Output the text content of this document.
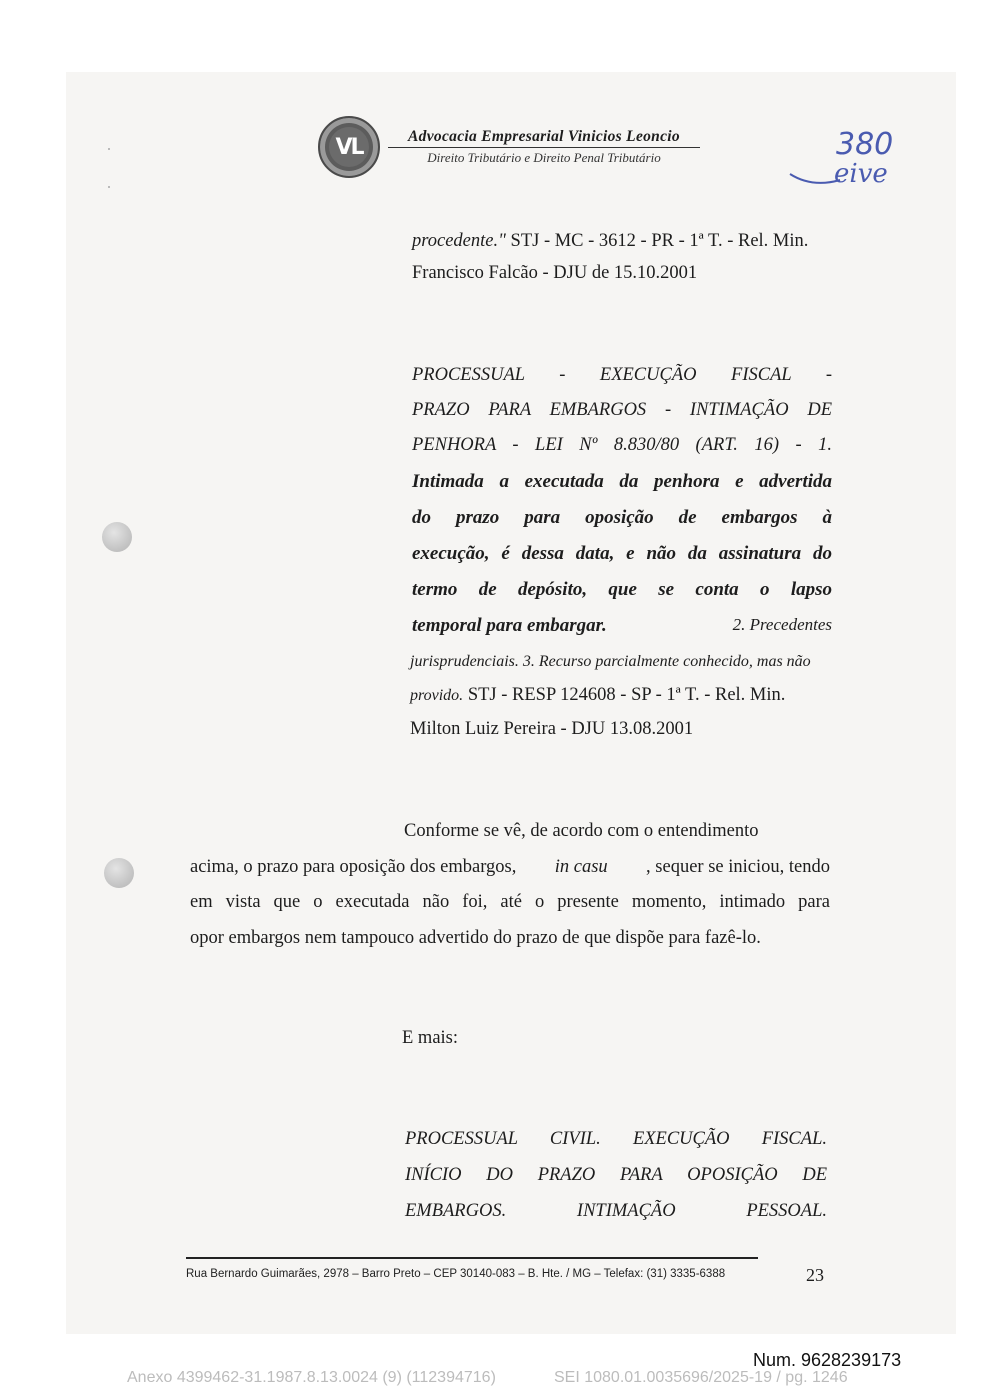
VL	Advocacia Empresarial Vinicios Leoncio
Direito Tributário e Direito Penal Tributário	380
eive
procedente." STJ - MC - 3612 - PR - 1ª T. - Rel. Min.
Francisco Falcão - DJU de 15.10.2001
PROCESSUAL - EXECUÇÃO FISCAL -
PRAZO PARA EMBARGOS - INTIMAÇÃO DE
PENHORA - LEI Nº 8.830/80 (ART. 16) - 1.
Intimada a executada da penhora e advertida
do prazo para oposição de embargos à
execução, é dessa data, e não da assinatura do
termo de depósito, que se conta o lapso
temporal para embargar.	2. Precedentes
jurisprudenciais. 3. Recurso parcialmente conhecido, mas não
provido. STJ - RESP 124608 - SP - 1ª T. - Rel. Min.
Milton Luiz Pereira - DJU 13.08.2001
Conforme se vê, de acordo com o entendimento
acima, o prazo para oposição dos embargos, in casu , sequer se iniciou, tendo
em vista que o executada não foi, até o presente momento, intimado para
opor embargos nem tampouco advertido do prazo de que dispõe para fazê-lo.
E mais:
PROCESSUAL CIVIL. EXECUÇÃO FISCAL.
INÍCIO DO PRAZO PARA OPOSIÇÃO DE
EMBARGOS. INTIMAÇÃO PESSOAL.
Rua Bernardo Guimarães, 2978 – Barro Preto – CEP 30140-083 – B. Hte. / MG – Telefax: (31) 3335-6388	23
Num. 9628239173
Anexo 4399462-31.1987.8.13.0024 (9) (112394716)	SEI 1080.01.0035696/2025-19 / pg. 1246
